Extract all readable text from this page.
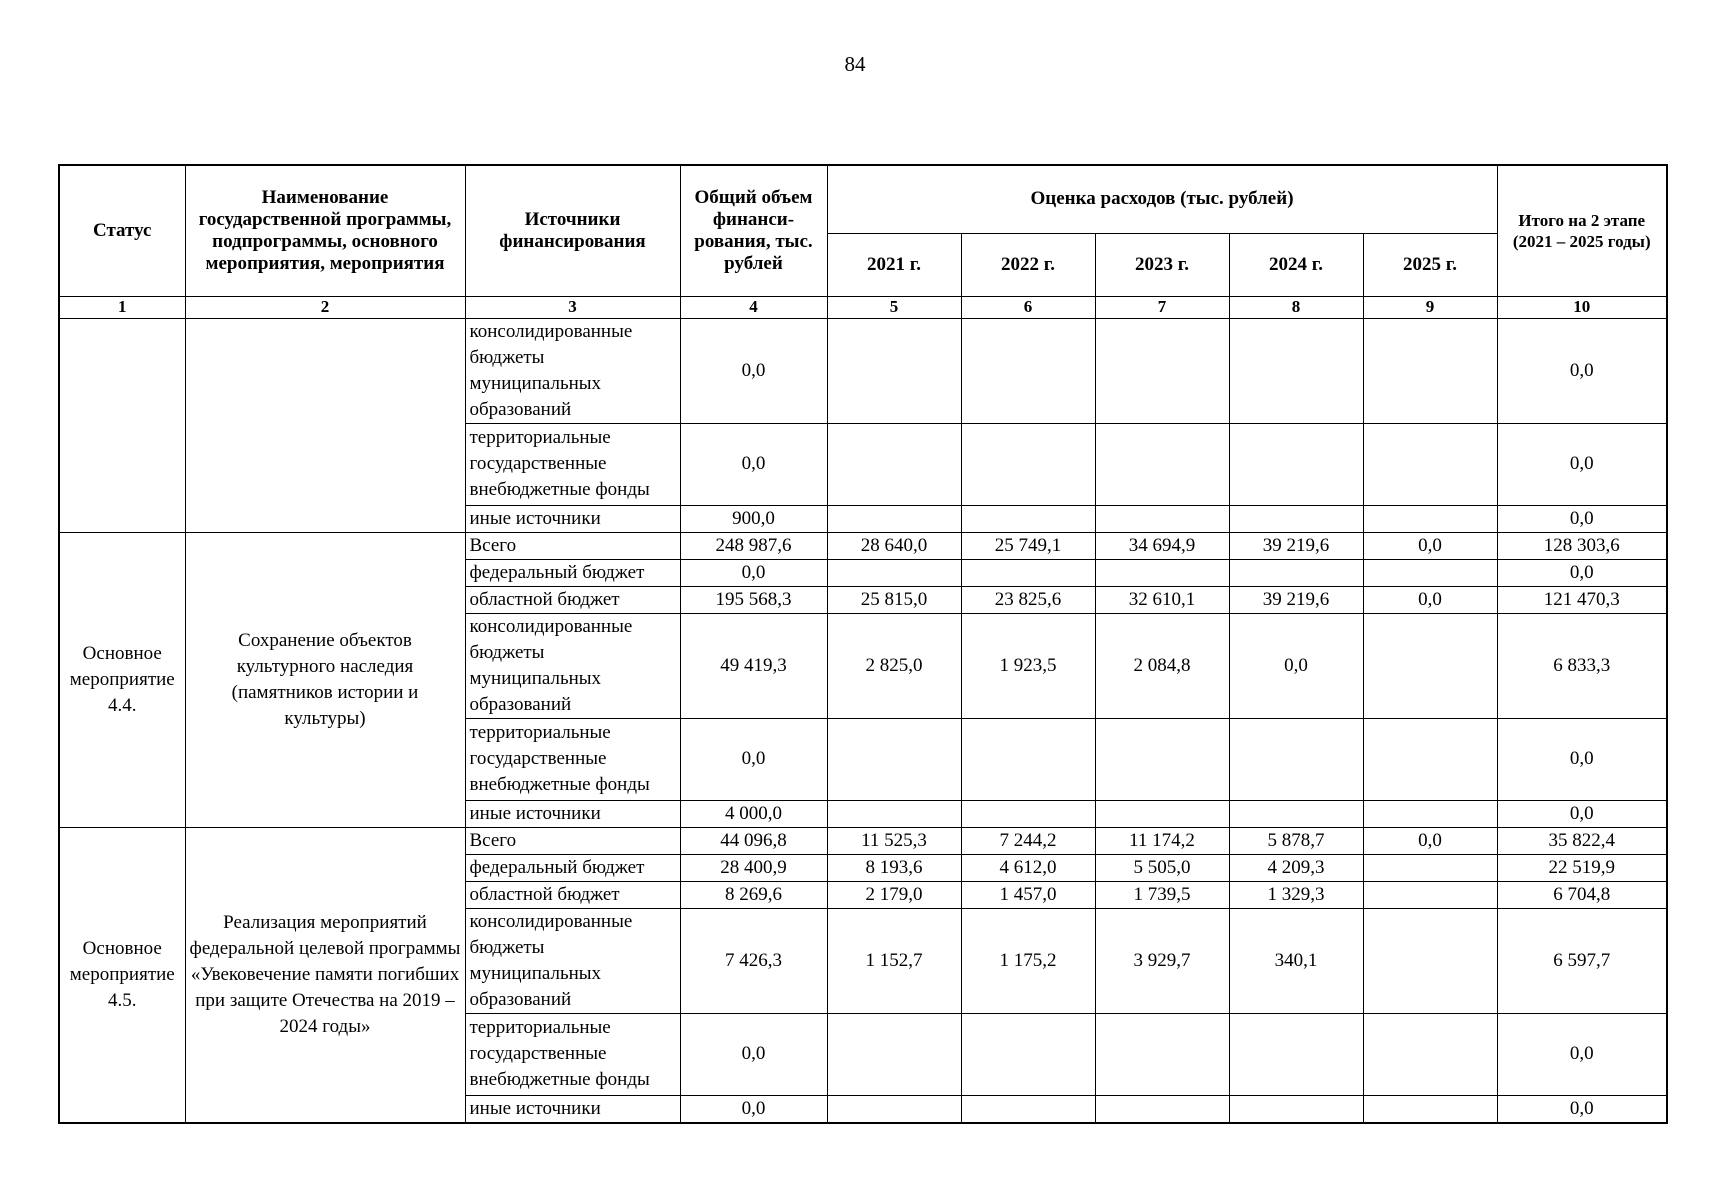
84
Статус	Наименование государственной программы, подпрограммы, основного мероприятия, мероприятия	Источники финансирования	Общий объем финанси-рования, тыс. рублей	Оценка расходов (тыс. рублей)					Итого на 2 этапе (2021 – 2025 годы)
				2021 г.	2022 г.	2023 г.	2024 г.	2025 г.	
1	2	3	4	5	6	7	8	9	10
		консолидированные бюджеты муниципальных образований	0,0						0,0
		территориальные государственные внебюджетные фонды	0,0						0,0
		иные источники	900,0						0,0
Основное мероприятие 4.4.	Сохранение объектов культурного наследия (памятников истории и культуры)	Всего	248 987,6	28 640,0	25 749,1	34 694,9	39 219,6	0,0	128 303,6
		федеральный бюджет	0,0						0,0
		областной бюджет	195 568,3	25 815,0	23 825,6	32 610,1	39 219,6	0,0	121 470,3
		консолидированные бюджеты муниципальных образований	49 419,3	2 825,0	1 923,5	2 084,8	0,0		6 833,3
		территориальные государственные внебюджетные фонды	0,0						0,0
		иные источники	4 000,0						0,0
Основное мероприятие 4.5.	Реализация мероприятий федеральной целевой программы «Увековечение памяти погибших при защите Отечества на 2019 – 2024 годы»	Всего	44 096,8	11 525,3	7 244,2	11 174,2	5 878,7	0,0	35 822,4
		федеральный бюджет	28 400,9	8 193,6	4 612,0	5 505,0	4 209,3		22 519,9
		областной бюджет	8 269,6	2 179,0	1 457,0	1 739,5	1 329,3		6 704,8
		консолидированные бюджеты муниципальных образований	7 426,3	1 152,7	1 175,2	3 929,7	340,1		6 597,7
		территориальные государственные внебюджетные фонды	0,0						0,0
		иные источники	0,0						0,0
